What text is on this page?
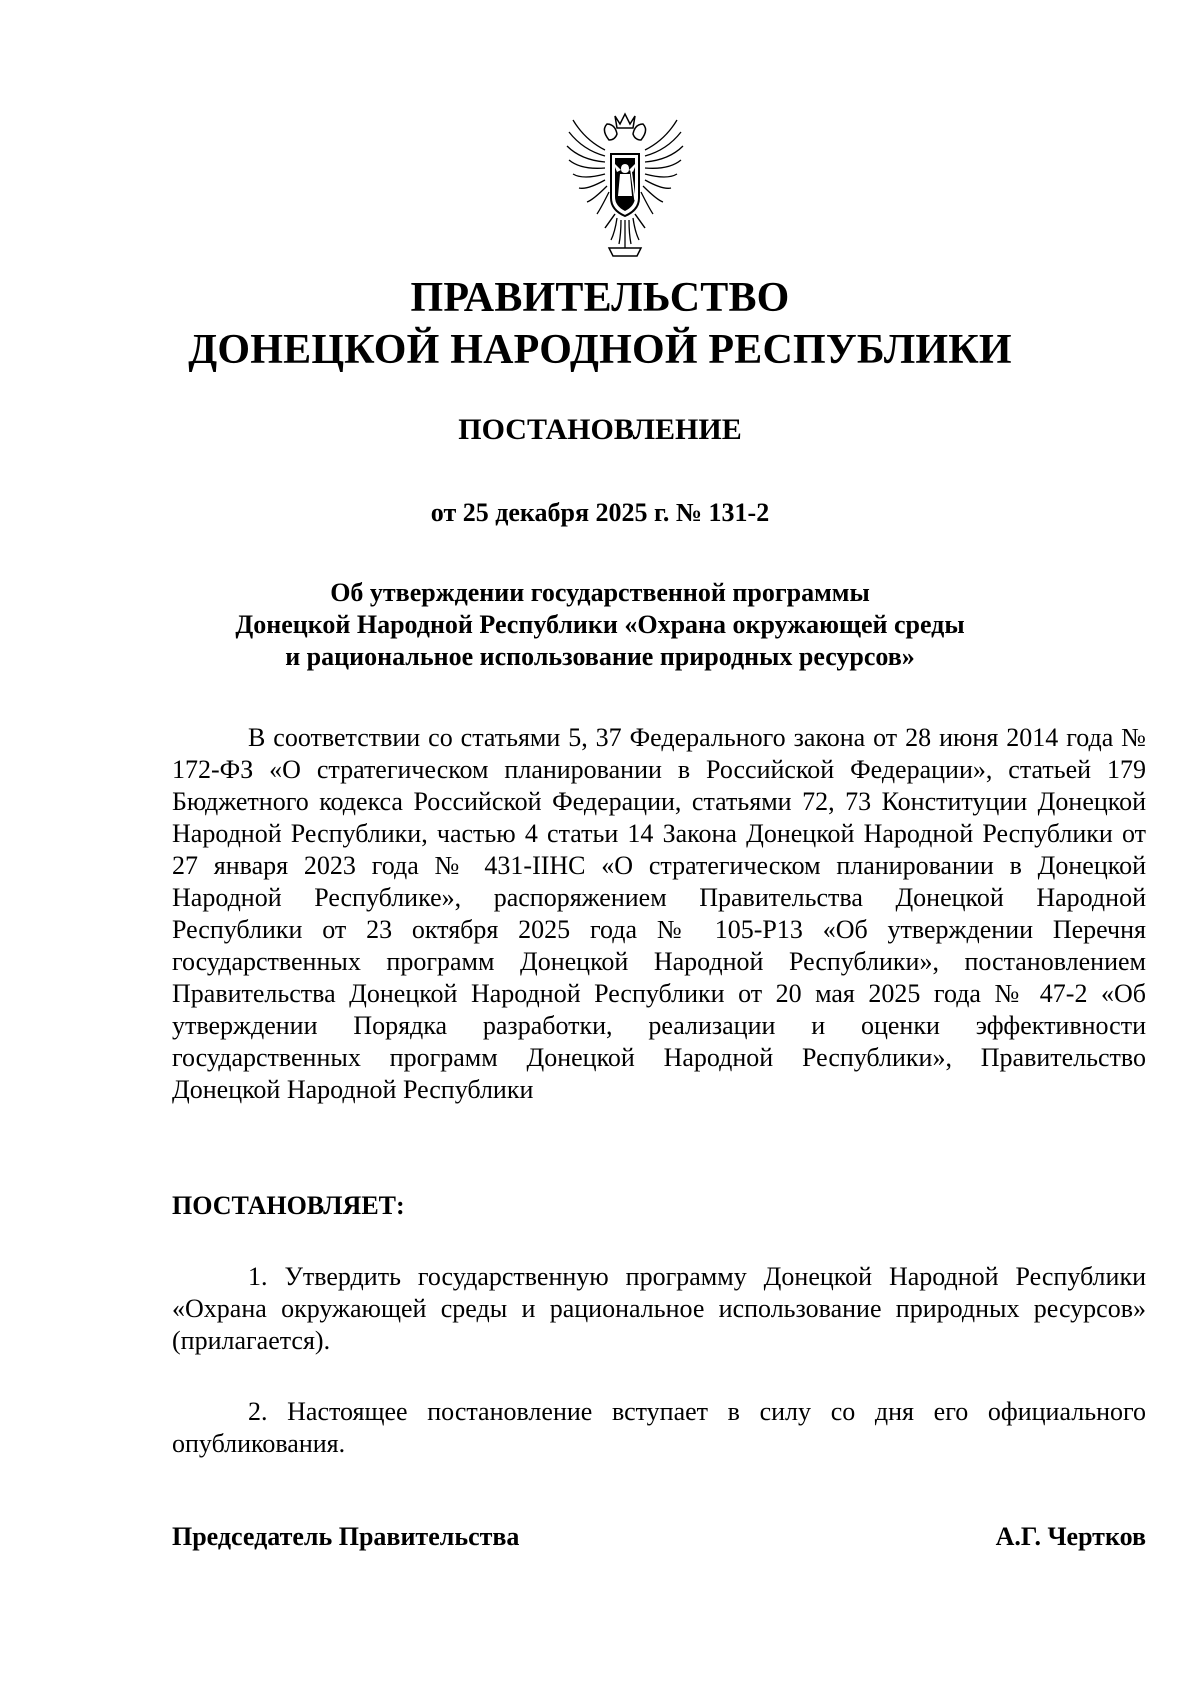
ПРАВИТЕЛЬСТВО
ДОНЕЦКОЙ НАРОДНОЙ РЕСПУБЛИКИ
ПОСТАНОВЛЕНИЕ
от 25 декабря 2025 г. № 131-2
Об утверждении государственной программы
Донецкой Народной Республики «Охрана окружающей среды
и рациональное использование природных ресурсов»

В соответствии со статьями 5, 37 Федерального закона от 28 июня 2014 года № 172-ФЗ «О стратегическом планировании в Российской Федерации», статьей 179 Бюджетного кодекса Российской Федерации, статьями 72, 73 Конституции Донецкой Народной Республики, частью 4 статьи 14 Закона Донецкой Народной Республики от 27 января 2023 года № 431-IIНС «О стратегическом планировании в Донецкой Народной Республике», распоряжением Правительства Донецкой Народной Республики от 23 октября 2025 года № 105-Р13 «Об утверждении Перечня государственных программ Донецкой Народной Республики», постановлением Правительства Донецкой Народной Республики от 20 мая 2025 года № 47-2 «Об утверждении Порядка разработки, реализации и оценки эффективности государственных программ Донецкой Народной Республики», Правительство Донецкой Народной Республики

ПОСТАНОВЛЯЕТ:

1. Утвердить государственную программу Донецкой Народной Республики «Охрана окружающей среды и рациональное использование природных ресурсов» (прилагается).

2. Настоящее постановление вступает в силу со дня его официального опубликования.

Председатель Правительства	А.Г. Чертков
